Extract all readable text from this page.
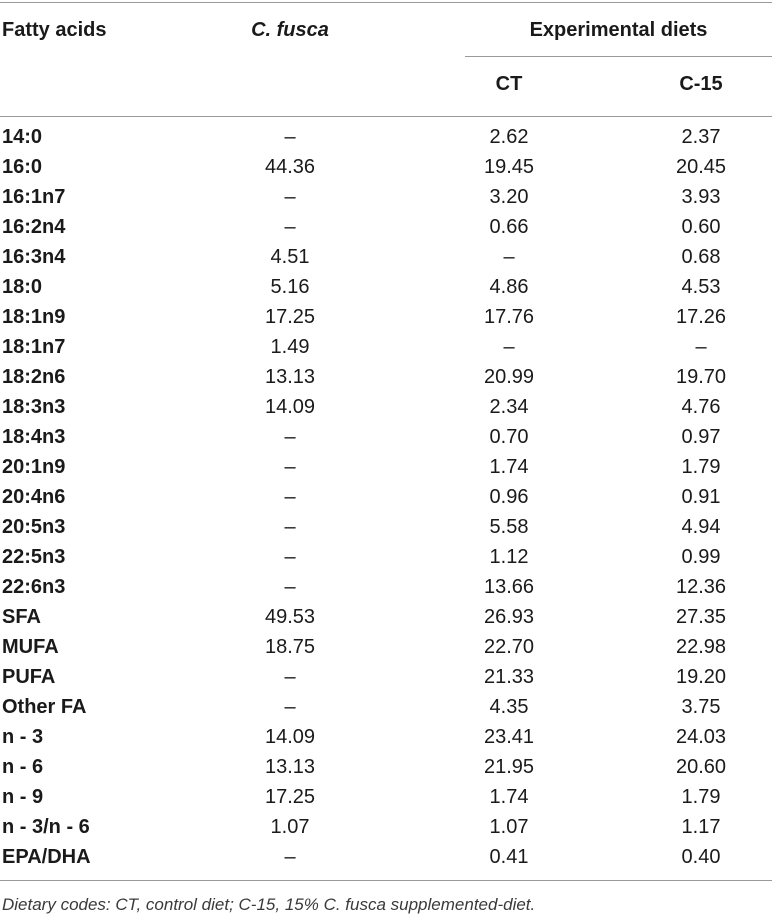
Fatty acids	C. fusca	Experimental diets
CT	C-15
14:0	–	2.62	2.37
16:0	44.36	19.45	20.45
16:1n7	–	3.20	3.93
16:2n4	–	0.66	0.60
16:3n4	4.51	–	0.68
18:0	5.16	4.86	4.53
18:1n9	17.25	17.76	17.26
18:1n7	1.49	–	–
18:2n6	13.13	20.99	19.70
18:3n3	14.09	2.34	4.76
18:4n3	–	0.70	0.97
20:1n9	–	1.74	1.79
20:4n6	–	0.96	0.91
20:5n3	–	5.58	4.94
22:5n3	–	1.12	0.99
22:6n3	–	13.66	12.36
SFA	49.53	26.93	27.35
MUFA	18.75	22.70	22.98
PUFA	–	21.33	19.20
Other FA	–	4.35	3.75
n - 3	14.09	23.41	24.03
n - 6	13.13	21.95	20.60
n - 9	17.25	1.74	1.79
n - 3/n - 6	1.07	1.07	1.17
EPA/DHA	–	0.41	0.40
Dietary codes: CT, control diet; C-15, 15% C. fusca supplemented-diet.
